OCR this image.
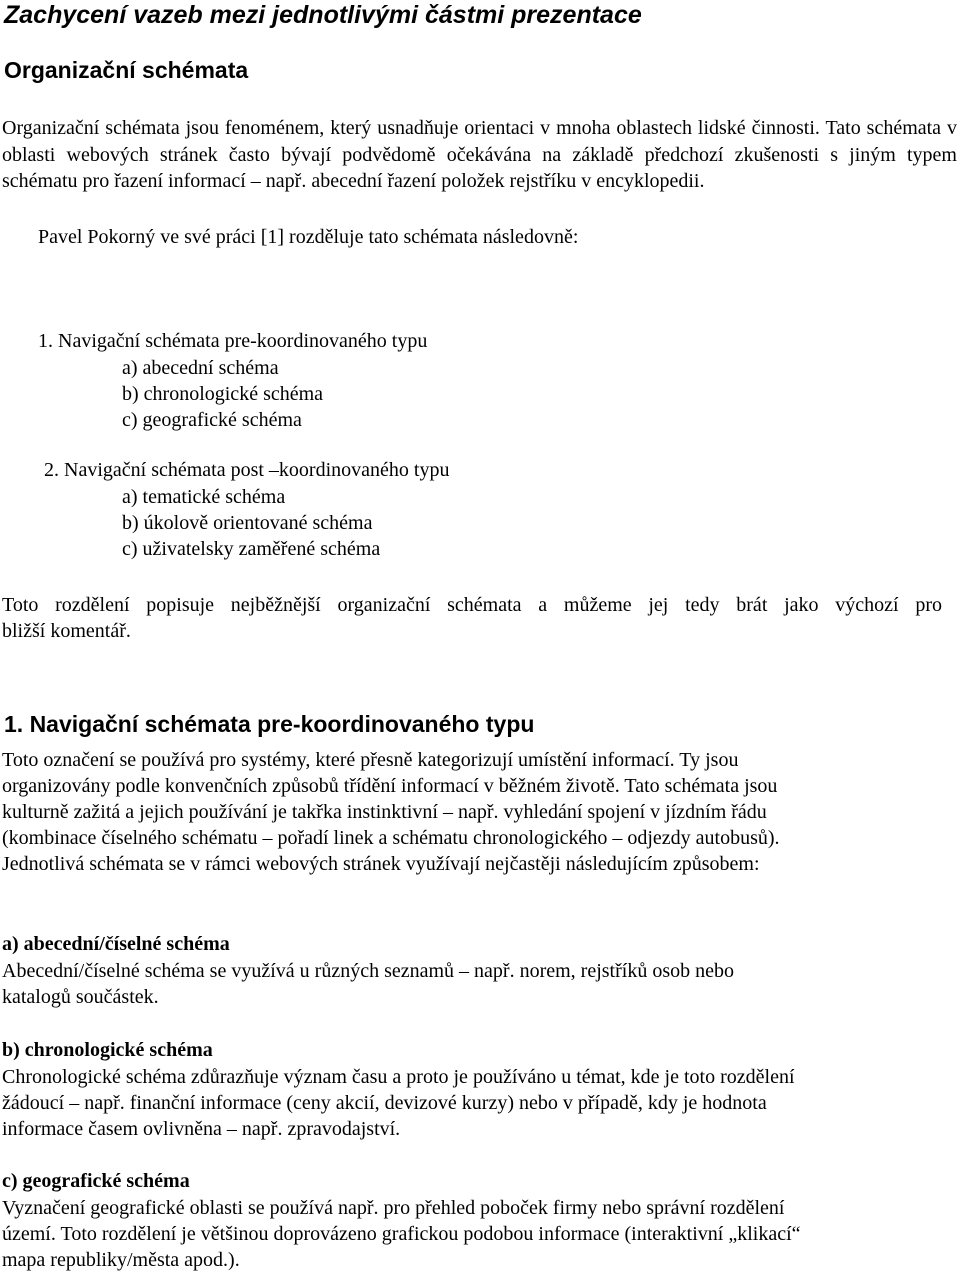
Zachycení vazeb mezi jednotlivými částmi prezentace
Organizační schémata

Organizační schémata jsou fenoménem, který usnadňuje orientaci v mnoha oblastech lidské činnosti. Tato schémata v oblasti webových stránek často bývají podvědomě očekávána na základě předchozí zkušenosti s jiným typem schématu pro řazení informací – např. abecední řazení položek rejstříku v encyklopedii.

Pavel Pokorný ve své práci [1] rozděluje tato schémata následovně:
1. Navigační schémata pre-koordinovaného typu
a) abecední schéma
b) chronologické schéma
c) geografické schéma
2. Navigační schémata post –koordinovaného typu
a) tematické schéma
b) úkolově orientované schéma
c) uživatelsky zaměřené schéma
Toto rozdělení popisuje nejběžnější organizační schémata a můžeme jej tedy brát jako výchozí pro
bližší komentář.
1. Navigační schémata pre-koordinovaného typu
Toto označení se používá pro systémy, které přesně kategorizují umístění informací. Ty jsou
organizovány podle konvenčních způsobů třídění informací v běžném životě. Tato schémata jsou
kulturně zažitá a jejich používání je takřka instinktivní – např. vyhledání spojení v jízdním řádu
(kombinace číselného schématu – pořadí linek a schématu chronologického – odjezdy autobusů).
Jednotlivá schémata se v rámci webových stránek využívají nejčastěji následujícím způsobem:
a) abecední/číselné schéma
Abecední/číselné schéma se využívá u různých seznamů – např. norem, rejstříků osob nebo
katalogů součástek.
b) chronologické schéma
Chronologické schéma zdůrazňuje význam času a proto je používáno u témat, kde je toto rozdělení
žádoucí – např. finanční informace (ceny akcií, devizové kurzy) nebo v případě, kdy je hodnota
informace časem ovlivněna – např. zpravodajství.
c) geografické schéma
Vyznačení geografické oblasti se používá např. pro přehled poboček firmy nebo správní rozdělení
území. Toto rozdělení je většinou doprovázeno grafickou podobou informace (interaktivní „klikací“
mapa republiky/města apod.).
